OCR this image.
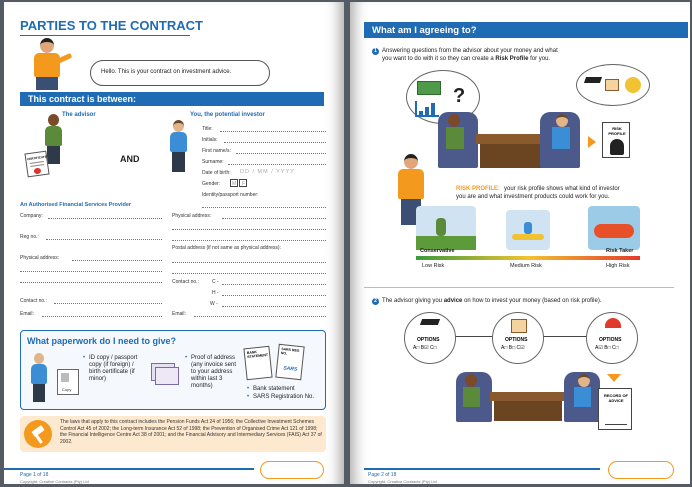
PARTIES TO THE CONTRACT
Hello. This is your contract on investment advice.
This contract is between:
The advisor
CERTIFICATE	AND
You, the potential investor
Title:
Initials:
First name/s:
Surname:
Date of birth: DD / MM / YYYY
Gender: M F
Identity/passport number:
An Authorised Financial Services Provider
Company:
Reg no.:
Physical address:
Contact no.:
Email:
Physical address:
Postal address (if not same as physical address):
Contact no.:	C -
H -
W -
Email:
What paperwork do I need to give?
Copy
• ID copy / passport copy (if foreign) / birth certificate (if minor)
• Proof of address (any invoice sent to your address within last 3 months)
BANK STATEMENT
SARS REG NO.
SARS
• Bank statement
• SARS Registration No.
The laws that apply to this contract includes the Pension Funds Act 24 of 1956; the Collective Investment Schemes Control Act 45 of 2002; the Long-term Insurance Act 52 of 1998; the Prevention of Organised Crime Act 121 of 1998; the Financial Intelligence Centre Act 38 of 2001; and the Financial Advisory and Intermediary Services (FAIS) Act 37 of 2002.
Page 1 of 18
Copyright: Creative Contracts (Pty) Ltd
What am I agreeing to?
1 Answering questions from the advisor about your money and what
you want to do with it so they can create a Risk Profile for you.
?
RISK PROFILE
RISK PROFILE: your risk profile shows what kind of investor
you are and what investment products could work for you.
Conservative	Risk Taker
Low Risk	Medium Risk	High Risk
2 The advisor giving you advice on how to invest your money (based on risk profile).
OPTIONS
A□ B☑ C□
OPTIONS
A□ B□ C☑
OPTIONS
A☑ B□ C□
RECORD OF ADVICE
Page 2 of 18
Copyright: Creative Contracts (Pty) Ltd
